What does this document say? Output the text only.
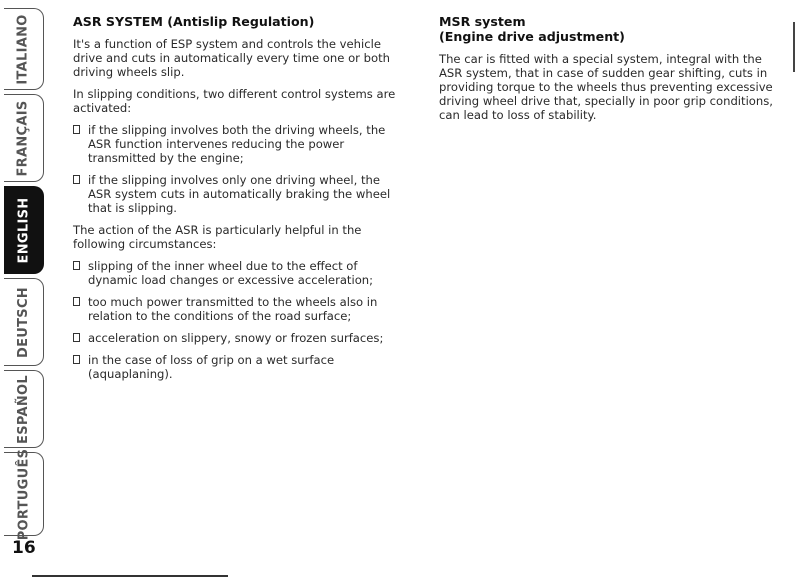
ITALIANO
FRANÇAIS
ENGLISH
DEUTSCH
ESPAÑOL
PORTUGUÊS
16
ASR SYSTEM (Antislip Regulation)

It's a function of ESP system and controls the vehicle drive and cuts in automatically every time one or both driving wheels slip.

In slipping conditions, two different control systems are activated:

if the slipping involves both the driving wheels, the ASR function intervenes reducing the power transmitted by the engine;
if the slipping involves only one driving wheel, the ASR system cuts in automatically braking the wheel that is slipping.

The action of the ASR is particularly helpful in the following circumstances:

slipping of the inner wheel due to the effect of dynamic load changes or excessive acceleration;
too much power transmitted to the wheels also in relation to the conditions of the road surface;
acceleration on slippery, snowy or frozen surfaces;
in the case of loss of grip on a wet surface (aquaplaning).
MSR system
(Engine drive adjustment)

The car is fitted with a special system, integral with the ASR system, that in case of sudden gear shifting, cuts in providing torque to the wheels thus preventing excessive driving wheel drive that, specially in poor grip conditions, can lead to loss of stability.
